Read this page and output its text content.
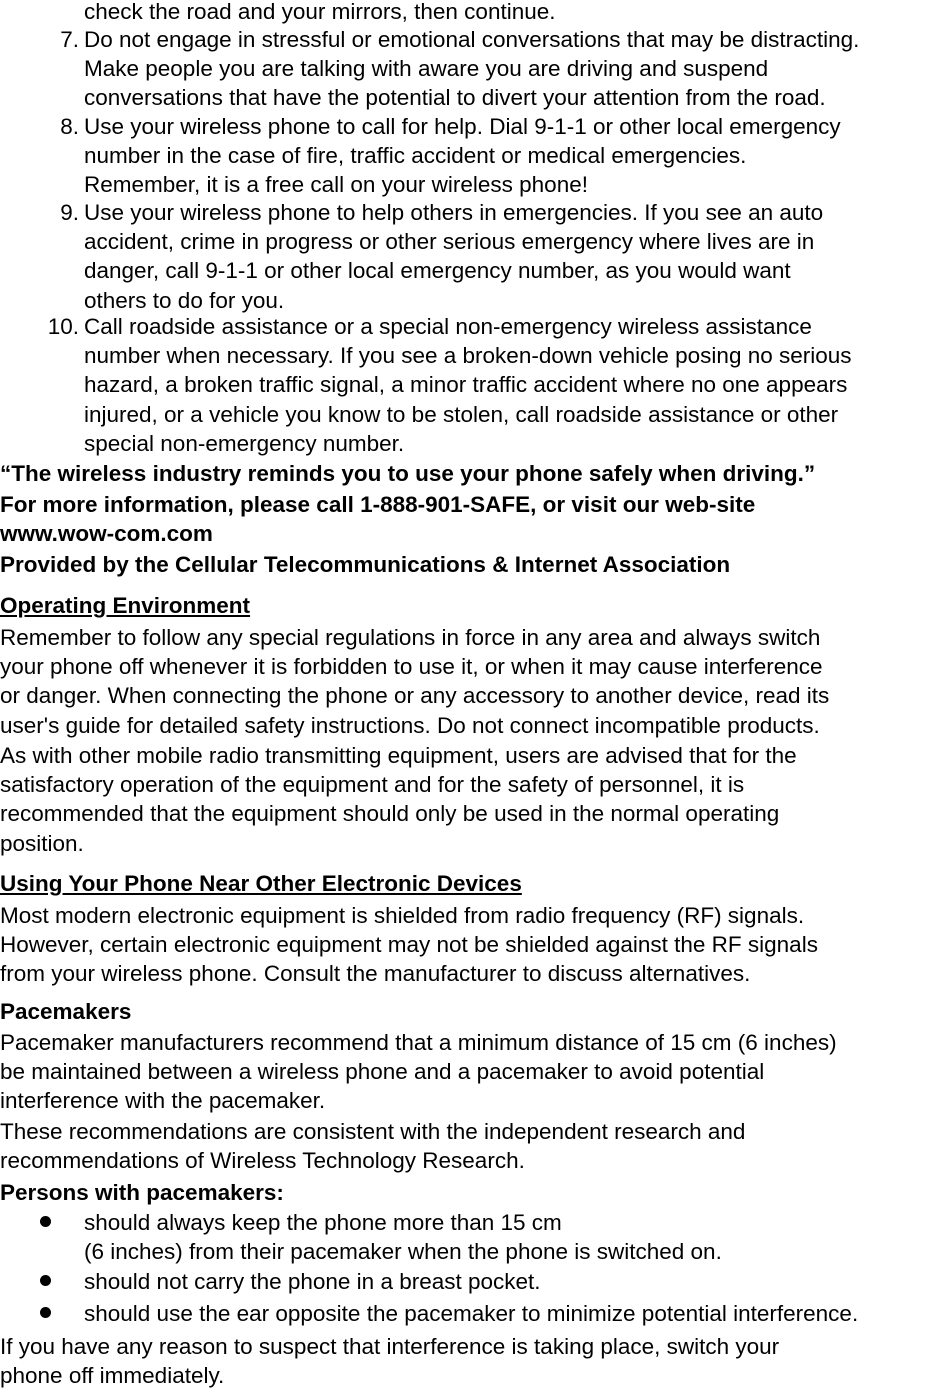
check the road and your mirrors, then continue.
7. Do not engage in stressful or emotional conversations that may be distracting.
Make people you are talking with aware you are driving and suspend
conversations that have the potential to divert your attention from the road.
8. Use your wireless phone to call for help. Dial 9-1-1 or other local emergency
number in the case of fire, traffic accident or medical emergencies.
Remember, it is a free call on your wireless phone!
9. Use your wireless phone to help others in emergencies. If you see an auto
accident, crime in progress or other serious emergency where lives are in
danger, call 9-1-1 or other local emergency number, as you would want
others to do for you.
10. Call roadside assistance or a special non-emergency wireless assistance
number when necessary. If you see a broken-down vehicle posing no serious
hazard, a broken traffic signal, a minor traffic accident where no one appears
injured, or a vehicle you know to be stolen, call roadside assistance or other
special non-emergency number.
“The wireless industry reminds you to use your phone safely when driving.”
For more information, please call 1-888-901-SAFE, or visit our web-site
www.wow-com.com
Provided by the Cellular Telecommunications & Internet Association
Operating Environment
Remember to follow any special regulations in force in any area and always switch
your phone off whenever it is forbidden to use it, or when it may cause interference
or danger. When connecting the phone or any accessory to another device, read its
user's guide for detailed safety instructions. Do not connect incompatible products.
As with other mobile radio transmitting equipment, users are advised that for the
satisfactory operation of the equipment and for the safety of personnel, it is
recommended that the equipment should only be used in the normal operating
position.
Using Your Phone Near Other Electronic Devices
Most modern electronic equipment is shielded from radio frequency (RF) signals.
However, certain electronic equipment may not be shielded against the RF signals
from your wireless phone. Consult the manufacturer to discuss alternatives.
Pacemakers
Pacemaker manufacturers recommend that a minimum distance of 15 cm (6 inches)
be maintained between a wireless phone and a pacemaker to avoid potential
interference with the pacemaker.
These recommendations are consistent with the independent research and
recommendations of Wireless Technology Research.
Persons with pacemakers:
should always keep the phone more than 15 cm
(6 inches) from their pacemaker when the phone is switched on.
should not carry the phone in a breast pocket.
should use the ear opposite the pacemaker to minimize potential interference.
If you have any reason to suspect that interference is taking place, switch your
phone off immediately.
